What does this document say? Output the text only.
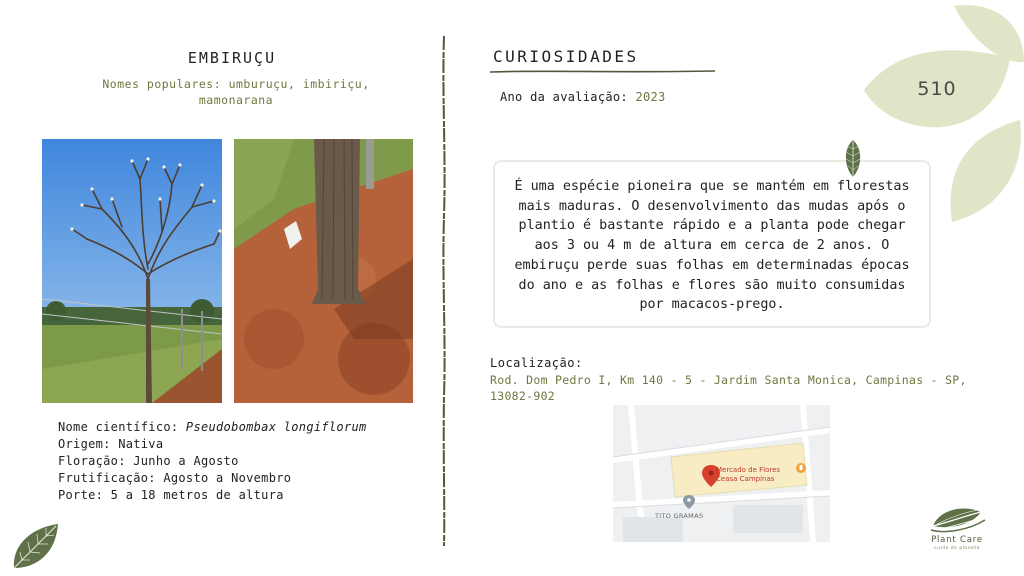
EMBIRUÇU
Nomes populares: umburuçu, imbiriçu, mamonarana
Nome científico: Pseudobombax longiflorum
Origem: Nativa
Floração: Junho a Agosto
Frutificação: Agosto a Novembro
Porte: 5 a 18 metros de altura
CURIOSIDADES
Ano da avaliação: 2023
É uma espécie pioneira que se mantém em florestas mais maduras. O desenvolvimento das mudas após o plantio é bastante rápido e a planta pode chegar aos 3 ou 4 m de altura em cerca de 2 anos. O embiruçu perde suas folhas em determinadas épocas do ano e as folhas e flores são muito consumidas por macacos-prego.
Localização:
Rod. Dom Pedro I, Km 140 - 5 - Jardim Santa Monica, Campinas - SP, 13082-902
Mercado de Flores
Ceasa Campinas
TITO GRAMAS
510
Plant Care
cuide do planeta
